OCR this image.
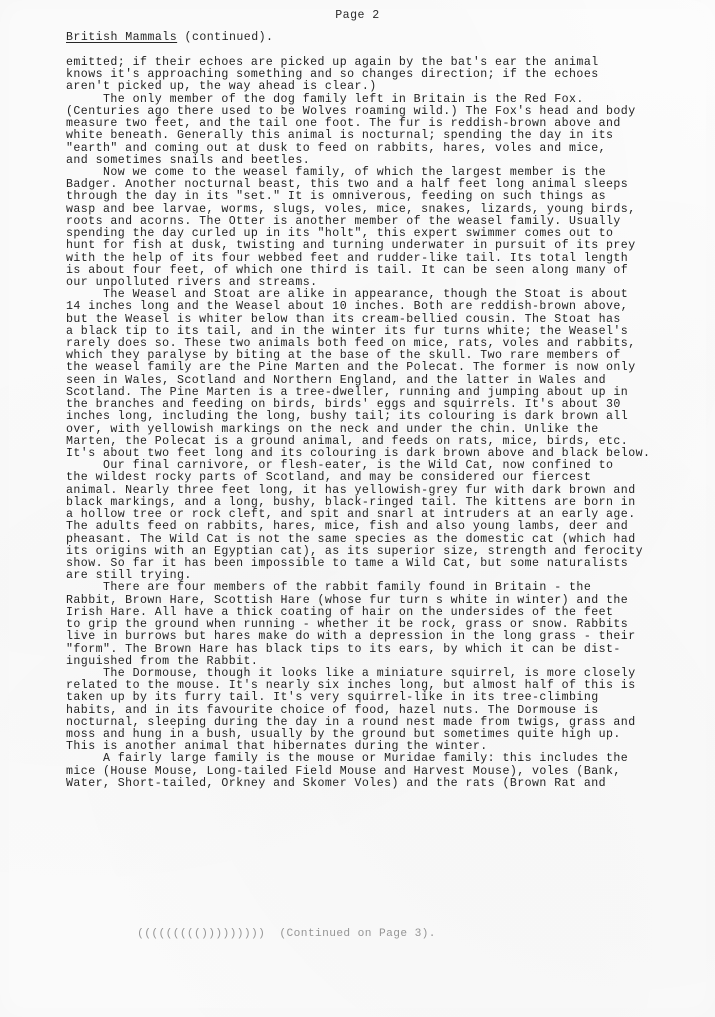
Page 2
British Mammals (continued).
emitted; if their echoes are picked up again by the bat's ear the animal
knows it's approaching something and so changes direction; if the echoes
aren't picked up, the way ahead is clear.)
The only member of the dog family left in Britain is the Red Fox.
(Centuries ago there used to be Wolves roaming wild.) The Fox's head and body
measure two feet, and the tail one foot. The fur is reddish-brown above and
white beneath. Generally this animal is nocturnal; spending the day in its
"earth" and coming out at dusk to feed on rabbits, hares, voles and mice,
and sometimes snails and beetles.
Now we come to the weasel family, of which the largest member is the
Badger. Another nocturnal beast, this two and a half feet long animal sleeps
through the day in its "set." It is omniverous, feeding on such things as
wasp and bee larvae, worms, slugs, voles, mice, snakes, lizards, young birds,
roots and acorns. The Otter is another member of the weasel family. Usually
spending the day curled up in its "holt", this expert swimmer comes out to
hunt for fish at dusk, twisting and turning underwater in pursuit of its prey
with the help of its four webbed feet and rudder-like tail. Its total length
is about four feet, of which one third is tail. It can be seen along many of
our unpolluted rivers and streams.
The Weasel and Stoat are alike in appearance, though the Stoat is about
14 inches long and the Weasel about 10 inches. Both are reddish-brown above,
but the Weasel is whiter below than its cream-bellied cousin. The Stoat has
a black tip to its tail, and in the winter its fur turns white; the Weasel's
rarely does so. These two animals both feed on mice, rats, voles and rabbits,
which they paralyse by biting at the base of the skull. Two rare members of
the weasel family are the Pine Marten and the Polecat. The former is now only
seen in Wales, Scotland and Northern England, and the latter in Wales and
Scotland. The Pine Marten is a tree-dweller, running and jumping about up in
the branches and feeding on birds, birds' eggs and squirrels. It's about 30
inches long, including the long, bushy tail; its colouring is dark brown all
over, with yellowish markings on the neck and under the chin. Unlike the
Marten, the Polecat is a ground animal, and feeds on rats, mice, birds, etc.
It's about two feet long and its colouring is dark brown above and black below.
Our final carnivore, or flesh-eater, is the Wild Cat, now confined to
the wildest rocky parts of Scotland, and may be considered our fiercest
animal. Nearly three feet long, it has yellowish-grey fur with dark brown and
black markings, and a long, bushy, black-ringed tail. The kittens are born in
a hollow tree or rock cleft, and spit and snarl at intruders at an early age.
The adults feed on rabbits, hares, mice, fish and also young lambs, deer and
pheasant. The Wild Cat is not the same species as the domestic cat (which had
its origins with an Egyptian cat), as its superior size, strength and ferocity
show. So far it has been impossible to tame a Wild Cat, but some naturalists
are still trying.
There are four members of the rabbit family found in Britain - the
Rabbit, Brown Hare, Scottish Hare (whose fur turn s white in winter) and the
Irish Hare. All have a thick coating of hair on the undersides of the feet
to grip the ground when running - whether it be rock, grass or snow. Rabbits
live in burrows but hares make do with a depression in the long grass - their
"form". The Brown Hare has black tips to its ears, by which it can be dist-
inguished from the Rabbit.
The Dormouse, though it looks like a miniature squirrel, is more closely
related to the mouse. It's nearly six inches long, but almost half of this is
taken up by its furry tail. It's very squirrel-like in its tree-climbing
habits, and in its favourite choice of food, hazel nuts. The Dormouse is
nocturnal, sleeping during the day in a round nest made from twigs, grass and
moss and hung in a bush, usually by the ground but sometimes quite high up.
This is another animal that hibernates during the winter.
A fairly large family is the mouse or Muridae family: this includes the
mice (House Mouse, Long-tailed Field Mouse and Harvest Mouse), voles (Bank,
Water, Short-tailed, Orkney and Skomer Voles) and the rats (Brown Rat and
((((((((()))))))))  (Continued on Page 3).
